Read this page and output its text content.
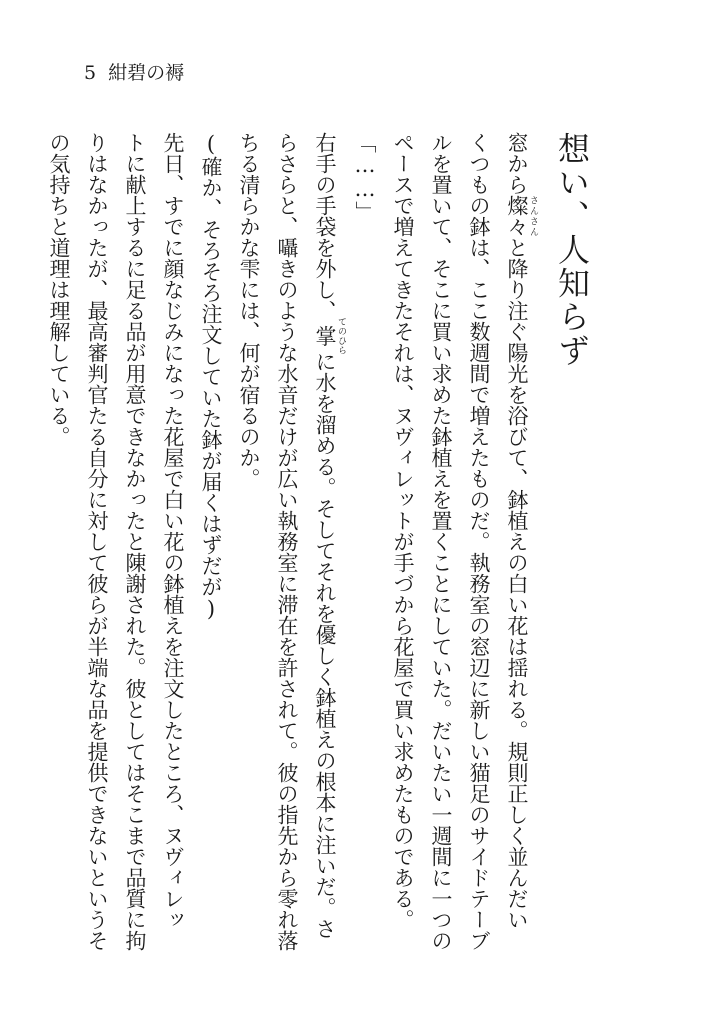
5 紺碧の褥
想い、人知らず
窓から燦々 さんさんと降り注ぐ陽光を浴びて、鉢植えの白い花は揺れる。規則正しく並んだい
くつもの鉢は、ここ数週間で増えたものだ。執務室の窓辺に新しい猫足のサイドテーブ
ルを置いて、そこに買い求めた鉢植えを置くことにしていた。だいたい一週間に一つの
ペースで増えてきたそれは、ヌヴィレットが手づから花屋で買い求めたものである。
「……」
右手の手袋を外し、掌 てのひらに水を溜める。そしてそれを優しく鉢植えの根本に注いだ。さ
らさらと、囁きのような水音だけが広い執務室に滞在を許されて。彼の指先から零れ落
ちる清らかな雫には、何が宿るのか。
(確か、そろそろ注文していた鉢が届くはずだが)
先日、すでに顔なじみになった花屋で白い花の鉢植えを注文したところ、ヌヴィレッ
トに献上するに足る品が用意できなかったと陳謝された。彼としてはそこまで品質に拘
りはなかったが、最高審判官たる自分に対して彼らが半端な品を提供できないというそ
の気持ちと道理は理解している。
